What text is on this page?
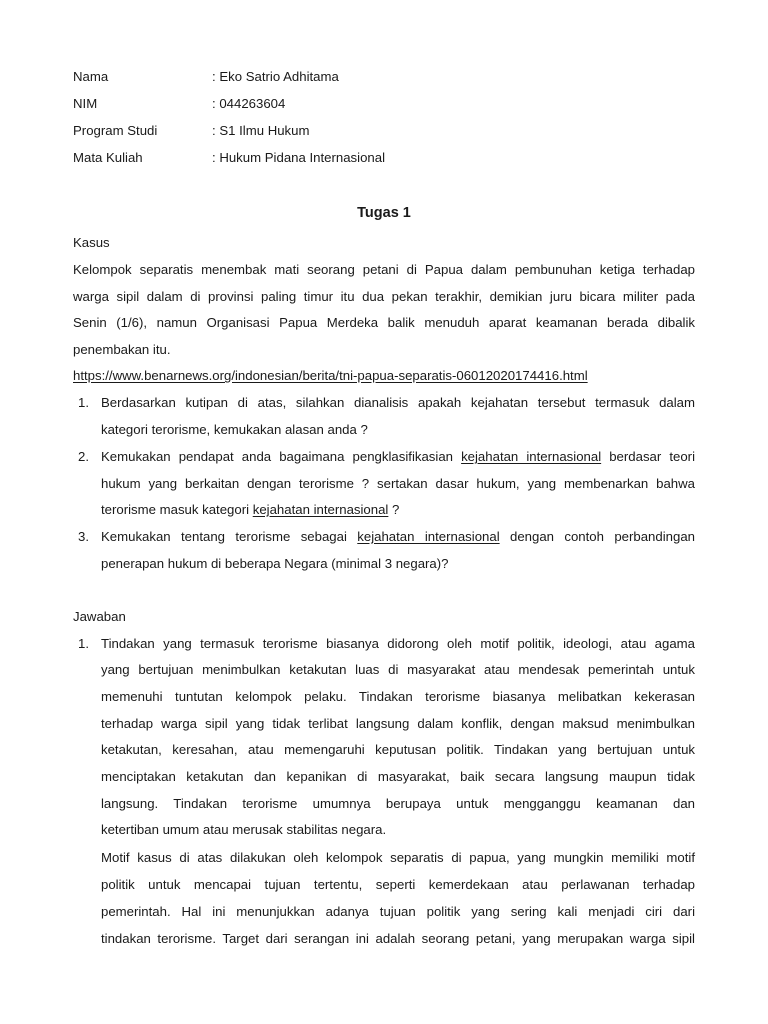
Nama	: Eko Satrio Adhitama
NIM	: 044263604
Program Studi	: S1 Ilmu Hukum
Mata Kuliah	: Hukum Pidana Internasional
Tugas 1
Kasus
Kelompok separatis menembak mati seorang petani di Papua dalam pembunuhan ketiga terhadap
warga sipil dalam di provinsi paling timur itu dua pekan terakhir, demikian juru bicara militer pada
Senin (1/6), namun Organisasi Papua Merdeka balik menuduh aparat keamanan berada dibalik
penembakan itu.
https://www.benarnews.org/indonesian/berita/tni-papua-separatis-06012020174416.html
1. Berdasarkan kutipan di atas, silahkan dianalisis apakah kejahatan tersebut termasuk dalam
kategori terorisme, kemukakan alasan anda ?
2. Kemukakan pendapat anda bagaimana pengklasifikasian kejahatan internasional berdasar teori
hukum yang berkaitan dengan terorisme ? sertakan dasar hukum, yang membenarkan bahwa
terorisme masuk kategori kejahatan internasional ?
3. Kemukakan tentang terorisme sebagai kejahatan internasional dengan contoh perbandingan
penerapan hukum di beberapa Negara (minimal 3 negara)?
Jawaban
1. Tindakan yang termasuk terorisme biasanya didorong oleh motif politik, ideologi, atau agama
yang bertujuan menimbulkan ketakutan luas di masyarakat atau mendesak pemerintah untuk
memenuhi tuntutan kelompok pelaku. Tindakan terorisme biasanya melibatkan kekerasan
terhadap warga sipil yang tidak terlibat langsung dalam konflik, dengan maksud menimbulkan
ketakutan, keresahan, atau memengaruhi keputusan politik. Tindakan yang bertujuan untuk
menciptakan ketakutan dan kepanikan di masyarakat, baik secara langsung maupun tidak
langsung. Tindakan terorisme umumnya berupaya untuk mengganggu keamanan dan
ketertiban umum atau merusak stabilitas negara.
Motif kasus di atas dilakukan oleh kelompok separatis di papua, yang mungkin memiliki motif
politik untuk mencapai tujuan tertentu, seperti kemerdekaan atau perlawanan terhadap
pemerintah. Hal ini menunjukkan adanya tujuan politik yang sering kali menjadi ciri dari
tindakan terorisme. Target dari serangan ini adalah seorang petani, yang merupakan warga sipil
